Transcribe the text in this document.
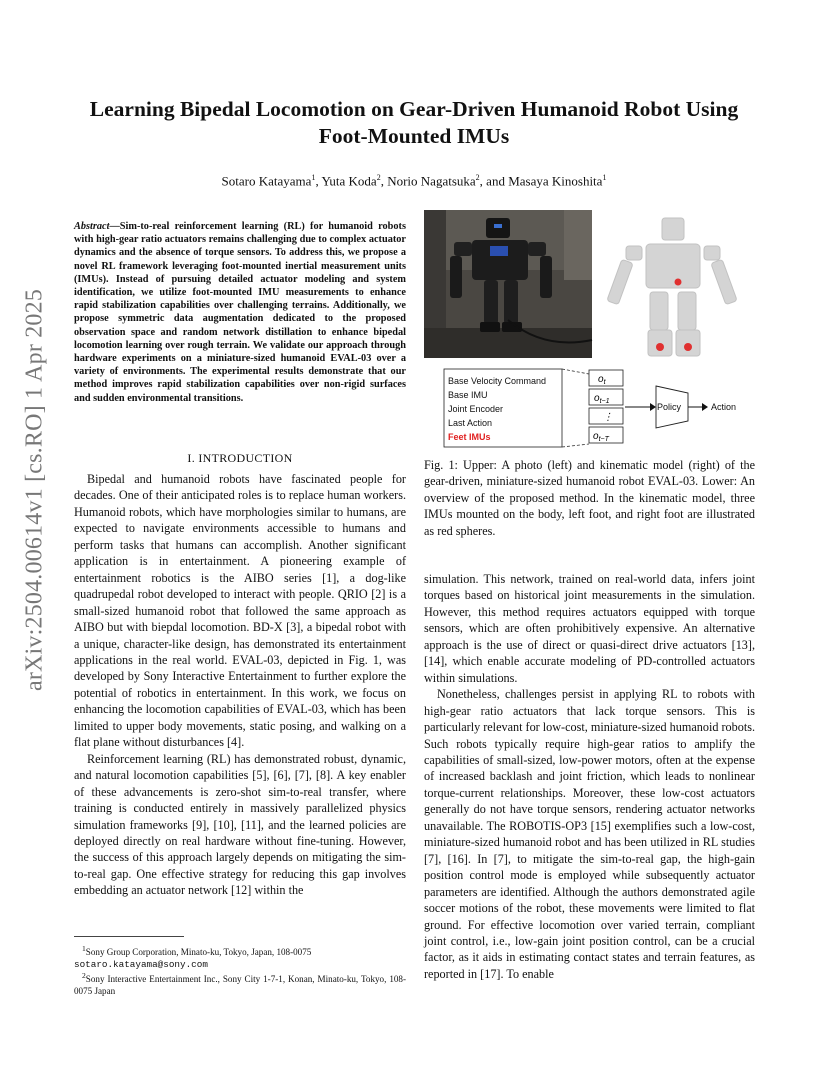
arXiv:2504.00614v1 [cs.RO] 1 Apr 2025
Learning Bipedal Locomotion on Gear-Driven Humanoid Robot Using Foot-Mounted IMUs
Sotaro Katayama$^1$, Yuta Koda$^2$, Norio Nagatsuka$^2$, and Masaya Kinoshita$^1$
Abstract—Sim-to-real reinforcement learning (RL) for humanoid robots with high-gear ratio actuators remains challenging due to complex actuator dynamics and the absence of torque sensors. To address this, we propose a novel RL framework leveraging foot-mounted inertial measurement units (IMUs). Instead of pursuing detailed actuator modeling and system identification, we utilize foot-mounted IMU measurements to enhance rapid stabilization capabilities over challenging terrains. Additionally, we propose symmetric data augmentation dedicated to the proposed observation space and random network distillation to enhance bipedal locomotion learning over rough terrain. We validate our approach through hardware experiments on a miniature-sized humanoid EVAL-03 over a variety of environments. The experimental results demonstrate that our method improves rapid stabilization capabilities over non-rigid surfaces and sudden environmental transitions.
I. INTRODUCTION

Bipedal and humanoid robots have fascinated people for decades. One of their anticipated roles is to replace human workers. Humanoid robots, which have morphologies similar to humans, are expected to navigate environments accessible to humans and perform tasks that humans can accomplish. Another significant application is in entertainment. A pioneering example of entertainment robotics is the AIBO series [1], a dog-like quadrupedal robot developed to interact with people. QRIO [2] is a small-sized humanoid robot that followed the same approach as AIBO but with biepdal locomotion. BD-X [3], a bipedal robot with a unique, character-like design, has demonstrated its entertainment applications in the real world. EVAL-03, depicted in Fig. 1, was developed by Sony Interactive Entertainment to further explore the potential of robotics in entertainment. In this work, we focus on enhancing the locomotion capabilities of EVAL-03, which has been limited to upper body movements, static posing, and walking on a flat plane without disturbances [4].

Reinforcement learning (RL) has demonstrated robust, dynamic, and natural locomotion capabilities [5], [6], [7], [8]. A key enabler of these advancements is zero-shot sim-to-real transfer, where training is conducted entirely in massively parallelized physics simulation frameworks [9], [10], [11], and the learned policies are deployed directly on real hardware without fine-tuning. However, the success of this approach largely depends on mitigating the sim-to-real gap. One effective strategy for reducing this gap involves embedding an actuator network [12] within the

$^1$Sony Group Corporation, Minato-ku, Tokyo, Japan, 108-0075
sotaro.katayama@sony.com

$^2$Sony Interactive Entertainment Inc., Sony City 1-7-1, Konan, Minato-ku, Tokyo, 108-0075 Japan

Base Velocity Command
Base IMU
Joint Encoder
Last Action
Feet IMUs
$o_t$
$o_{t-1}$
⋮
$o_{t-T}$
Policy	Action
Fig. 1: Upper: A photo (left) and kinematic model (right) of the gear-driven, miniature-sized humanoid robot EVAL-03. Lower: An overview of the proposed method. In the kinematic model, three IMUs mounted on the body, left foot, and right foot are illustrated as red spheres.

simulation. This network, trained on real-world data, infers joint torques based on historical joint measurements in the simulation. However, this method requires actuators equipped with torque sensors, which are often prohibitively expensive. An alternative approach is the use of direct or quasi-direct drive actuators [13], [14], which enable accurate modeling of PD-controlled actuators within simulations.

Nonetheless, challenges persist in applying RL to robots with high-gear ratio actuators that lack torque sensors. This is particularly relevant for low-cost, miniature-sized humanoid robots. Such robots typically require high-gear ratios to amplify the capabilities of small-sized, low-power motors, often at the expense of increased backlash and joint friction, which leads to nonlinear torque-current relationships. Moreover, these low-cost actuators generally do not have torque sensors, rendering actuator networks unavailable. The ROBOTIS-OP3 [15] exemplifies such a low-cost, miniature-sized humanoid robot and has been utilized in RL studies [7], [16]. In [7], to mitigate the sim-to-real gap, the high-gain position control mode is employed while subsequently actuator parameters are identified. Although the authors demonstrated agile soccer motions of the robot, these movements were limited to flat ground. For effective locomotion over varied terrain, compliant joint control, i.e., low-gain joint position control, can be a crucial factor, as it aids in estimating contact states and terrain features, as reported in [17]. To enable
